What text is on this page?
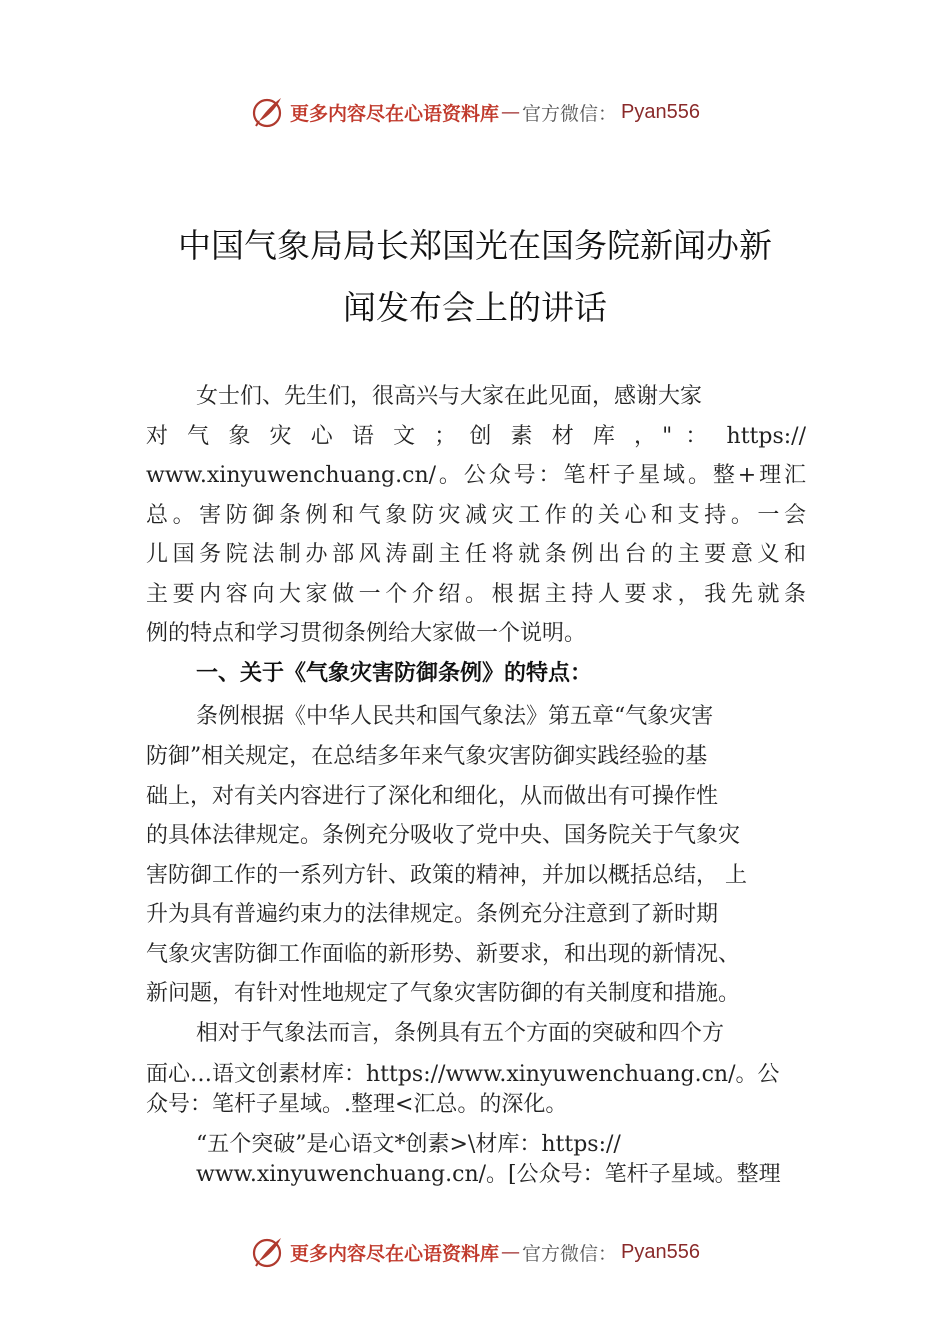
更多内容尽在心语资料库 — 官方微信： Pyan556
中国气象局局长郑国光在国务院新闻办新
闻发布会上的讲话
女士们、先生们，很高兴与大家在此见面，感谢大家
对 气 象 灾 心 语 文 ； 创 素 材 库 ，" ： https://
www.xinyuwenchuang.cn/。公众号：笔杆子星域。整+理汇
总。害防御条例和气象防灾减灾工作的关心和支持。一会
儿国务院法制办部风涛副主任将就条例出台的主要意义和
主要内容向大家做一个介绍。根据主持人要求，我先就条
例的特点和学习贯彻条例给大家做一个说明。
一、关于《气象灾害防御条例》的特点：
条例根据《中华人民共和国气象法》第五章“气象灾害
防御”相关规定，在总结多年来气象灾害防御实践经验的基
础上，对有关内容进行了深化和细化，从而做出有可操作性
的具体法律规定。条例充分吸收了党中央、国务院关于气象灾
害防御工作的一系列方针、政策的精神，并加以概括总结， 上
升为具有普遍约束力的法律规定。条例充分注意到了新时期
气象灾害防御工作面临的新形势、新要求，和出现的新情况、
新问题，有针对性地规定了气象灾害防御的有关制度和措施。
相对于气象法而言，条例具有五个方面的突破和四个方
面心…语文创素材库：https://www.xinyuwenchuang.cn/。公
众号：笔杆子星域。.整理<汇总。的深化。
“五个突破”是心语文*创素>\材库：https://
www.xinyuwenchuang.cn/。[公众号：笔杆子星域。整理
更多内容尽在心语资料库 — 官方微信： Pyan556
